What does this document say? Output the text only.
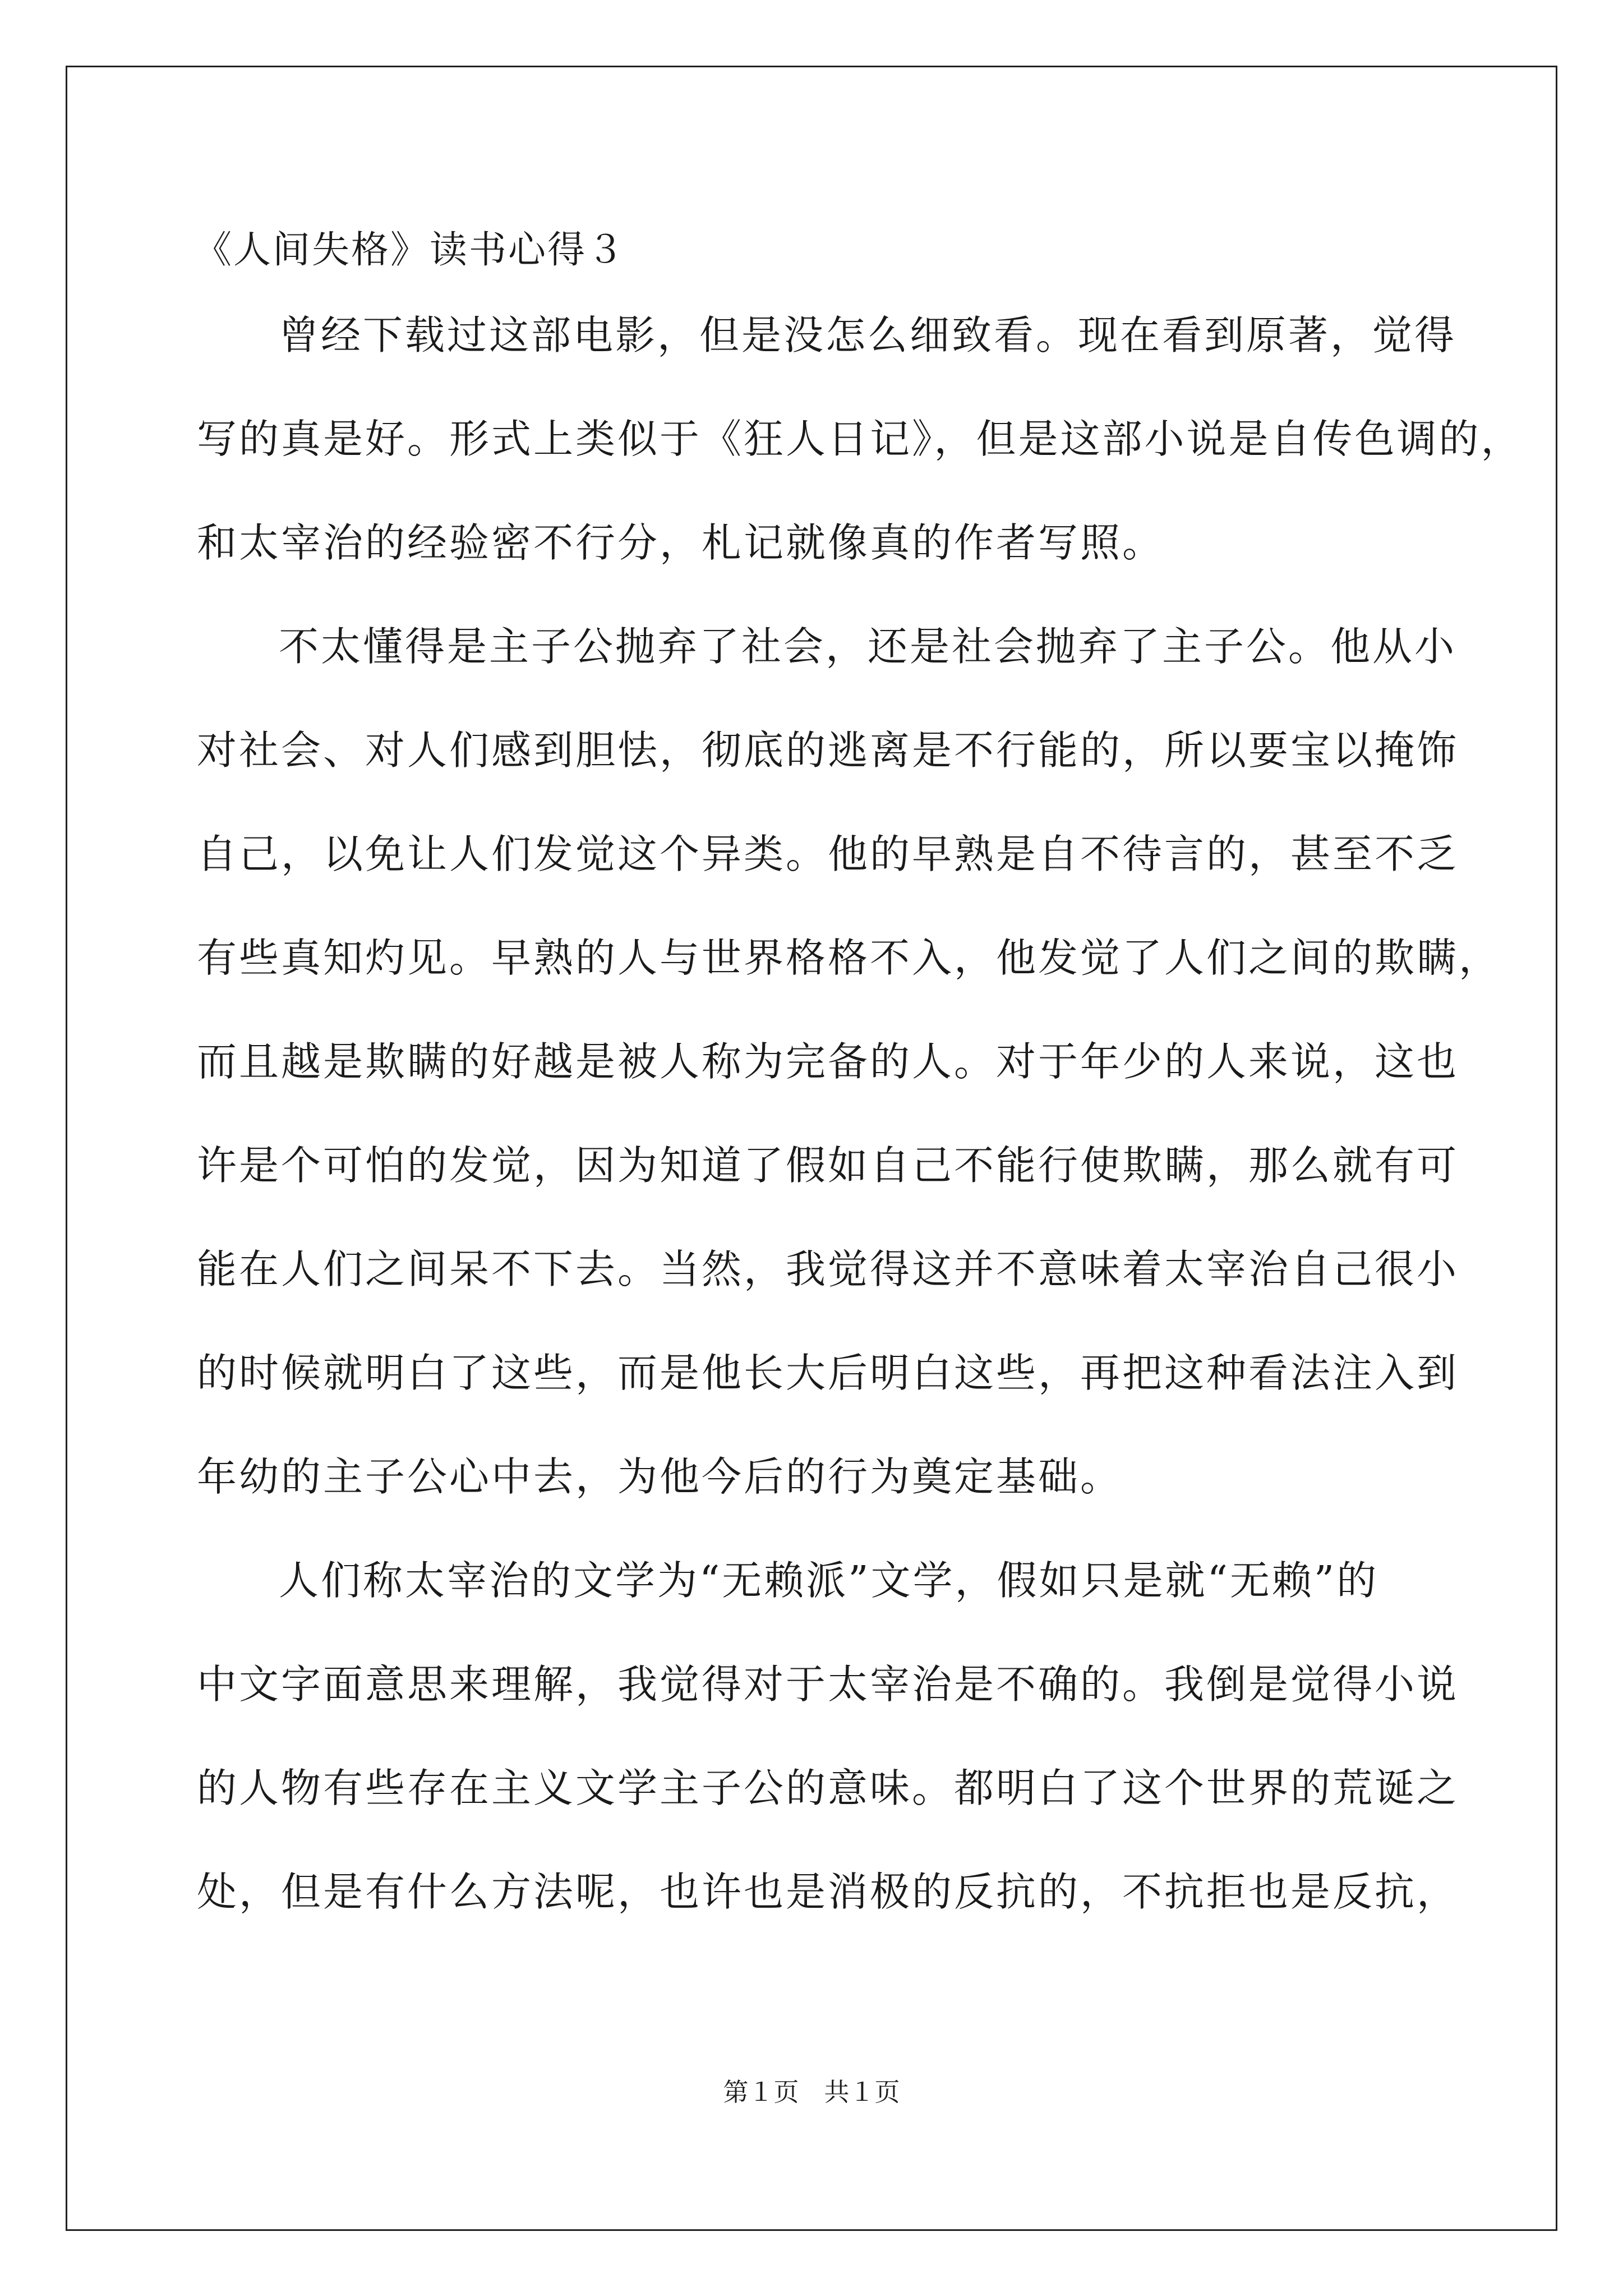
《人间失格》读书心得３
曾经下载过这部电影，但是没怎么细致看。现在看到原著，觉得
写的真是好。形式上类似于《狂人日记》，但是这部小说是自传色调的，
和太宰治的经验密不行分，札记就像真的作者写照。
不太懂得是主子公抛弃了社会，还是社会抛弃了主子公。他从小
对社会、对人们感到胆怯，彻底的逃离是不行能的，所以要宝以掩饰
自己，以免让人们发觉这个异类。他的早熟是自不待言的，甚至不乏
有些真知灼见。早熟的人与世界格格不入，他发觉了人们之间的欺瞒，
而且越是欺瞒的好越是被人称为完备的人。对于年少的人来说，这也
许是个可怕的发觉，因为知道了假如自己不能行使欺瞒，那么就有可
能在人们之间呆不下去。当然，我觉得这并不意味着太宰治自己很小
的时候就明白了这些，而是他长大后明白这些，再把这种看法注入到
年幼的主子公心中去，为他今后的行为奠定基础。
人们称太宰治的文学为“无赖派”文学，假如只是就“无赖”的
中文字面意思来理解，我觉得对于太宰治是不确的。我倒是觉得小说
的人物有些存在主义文学主子公的意味。都明白了这个世界的荒诞之
处，但是有什么方法呢，也许也是消极的反抗的，不抗拒也是反抗，
第１页　共１页
